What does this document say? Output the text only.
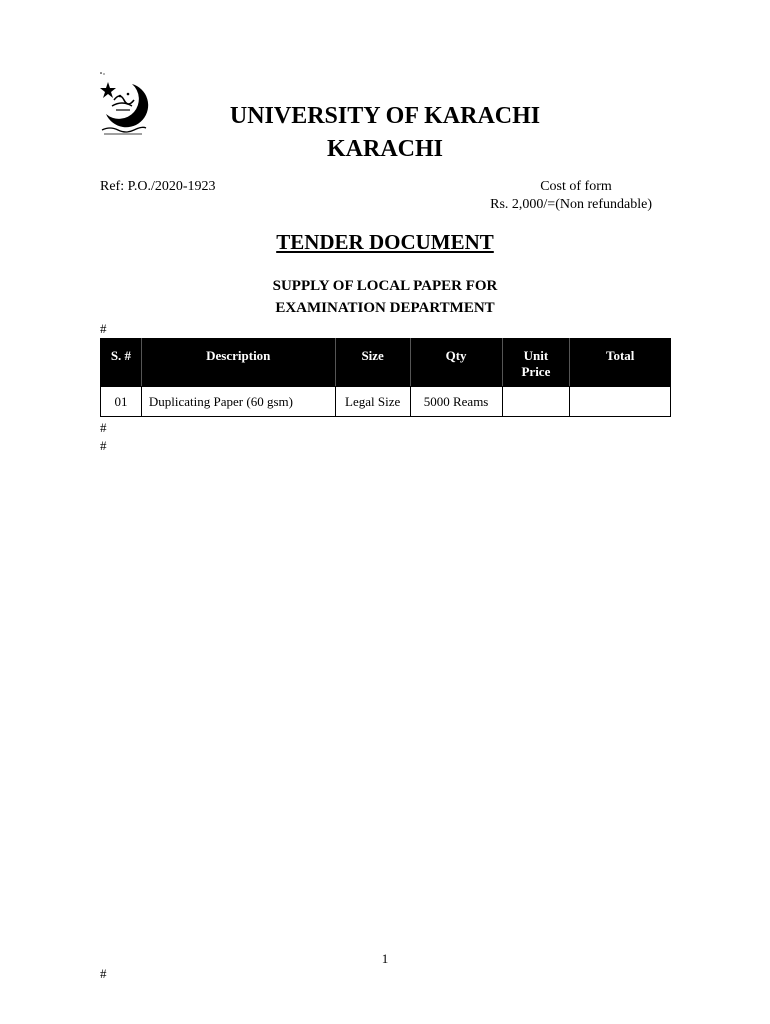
UNIVERSITY OF KARACHI
KARACHI
Ref: P.O./2020-1923	Cost of form
Rs. 2,000/=(Non refundable)
TENDER DOCUMENT
SUPPLY OF LOCAL PAPER FOR
EXAMINATION DEPARTMENT
#
S. #	Description	Size	Qty	Unit Price	Total
01	Duplicating Paper (60 gsm)	Legal Size	5000 Reams		
#
#
1
#
